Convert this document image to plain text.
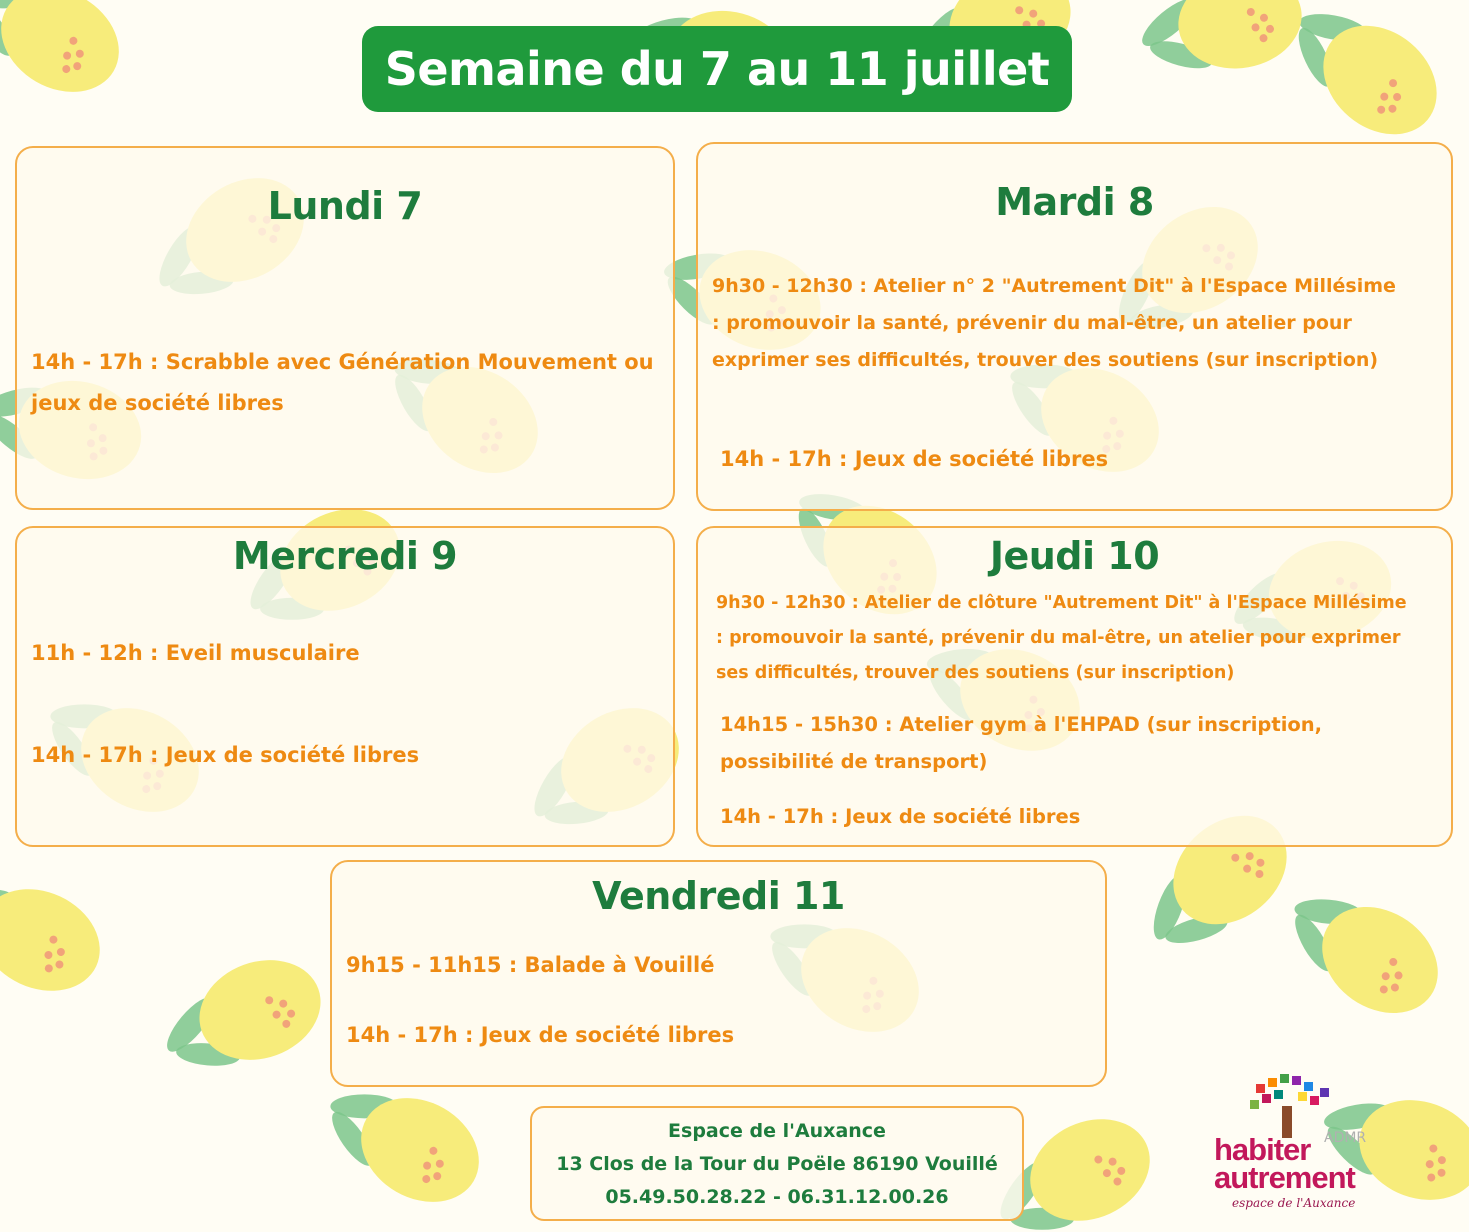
Semaine du 7 au 11 juillet
Lundi 7

14h - 17h : Scrabble avec Génération Mouvement ou
jeux de société libres

Mardi 8

9h30 - 12h30 : Atelier n° 2 "Autrement Dit" à l'Espace Millésime
: promouvoir la santé, prévenir du mal-être, un atelier pour
exprimer ses difficultés, trouver des soutiens (sur inscription)

14h - 17h : Jeux de société libres

Mercredi 9

11h - 12h : Eveil musculaire

14h - 17h : Jeux de société libres

Jeudi 10

9h30 - 12h30 : Atelier de clôture "Autrement Dit" à l'Espace Millésime
: promouvoir la santé, prévenir du mal-être, un atelier pour exprimer
ses difficultés, trouver des soutiens (sur inscription)

14h15 - 15h30 : Atelier gym à l'EHPAD (sur inscription,
possibilité de transport)

14h - 17h : Jeux de société libres

Vendredi 11

9h15 - 11h15 : Balade à Vouillé

14h - 17h : Jeux de société libres

Espace de l'Auxance
13 Clos de la Tour du Poële 86190 Vouillé
05.49.50.28.22 - 06.31.12.00.26
ADMR
habiter
autrement
espace de l'Auxance
